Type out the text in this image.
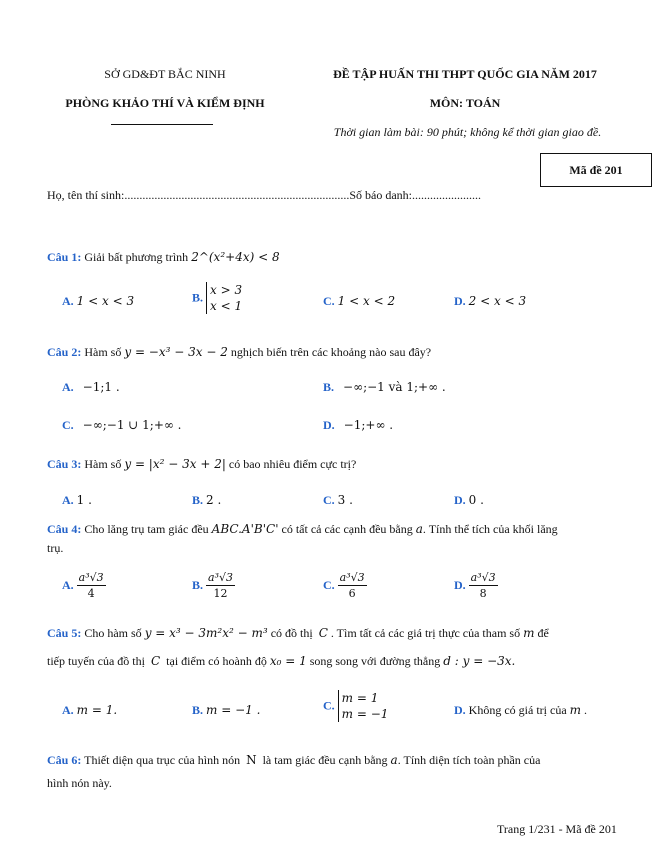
SỞ GD&ĐT BẮC NINH
PHÒNG KHẢO THÍ VÀ KIỂM ĐỊNH
ĐỀ TẬP HUẤN THI THPT QUỐC GIA NĂM 2017
MÔN: TOÁN
Thời gian làm bài: 90 phút; không kể thời gian giao đề.
Mã đề 201
Họ, tên thí sinh:...........................................................................Số báo danh:.......................
Câu 1: Giải bất phương trình 2^(x²+4x) < 8
A. 1 < x < 3	B. x > 3
x < 1	C. 1 < x < 2	D. 2 < x < 3
Câu 2: Hàm số y = −x³ − 3x − 2 nghịch biến trên các khoảng nào sau đây?
A. −1;1 .	B. −∞;−1 và 1;+∞ .
C. −∞;−1 ∪ 1;+∞ .	D. −1;+∞ .
Câu 3: Hàm số y = |x² − 3x + 2| có bao nhiêu điểm cực trị?
A. 1 .	B. 2 .	C. 3 .	D. 0 .
Câu 4: Cho lăng trụ tam giác đều ABC.A'B'C' có tất cả các cạnh đều bằng a. Tính thể tích của khối lăng
trụ.
A. $\frac{\text{a³√3}}{4}$	B. $\frac{\text{a³√3}}{12}$	C. $\frac{\text{a³√3}}{6}$	D. $\frac{\text{a³√3}}{8}$
Câu 5: Cho hàm số y = x³ − 3m²x² − m³ có đồ thị C . Tìm tất cả các giá trị thực của tham số m để
tiếp tuyến của đồ thị C tại điểm có hoành độ x₀ = 1 song song với đường thẳng d : y = −3x.
A. m = 1.	B. m = −1 .	C. m = 1
m = −1	D. Không có giá trị của m .
Câu 6: Thiết diện qua trục của hình nón N là tam giác đều cạnh bằng a. Tính diện tích toàn phần của
hình nón này.
Trang 1/231 - Mã đề 201
